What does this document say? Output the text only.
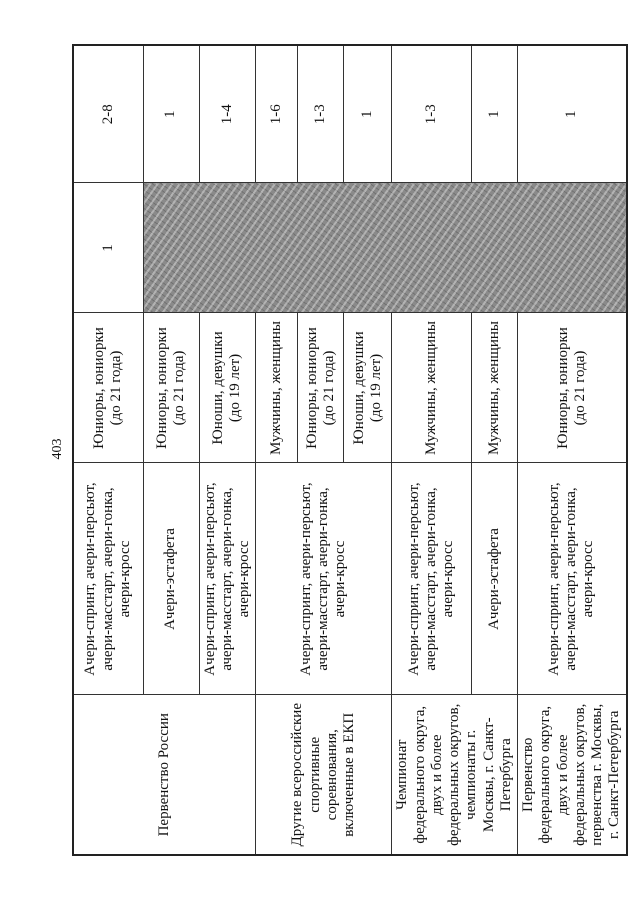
403
Первенство России	Ачери-спринт, ачери-персьют, ачери-масстарт, ачери-гонка, ачери-кросс	Юниоры, юниорки (до 21 года)	1	2-8
	Ачери-эстафета	Юниоры, юниорки (до 21 года)		1
	Ачери-спринт, ачери-персьют, ачери-масстарт, ачери-гонка, ачери-кросс	Юноши, девушки (до 19 лет)		1-4
Другие всероссийские спортивные соревнования, включенные в ЕКП	Ачери-спринт, ачери-персьют, ачери-масстарт, ачери-гонка, ачери-кросс	Мужчины, женщины		1-6
		Юниоры, юниорки (до 21 года)		1-3
		Юноши, девушки (до 19 лет)		1
Чемпионат федерального округа, двух и более федеральных округов, чемпионаты г. Москвы, г. Санкт-Петербурга	Ачери-спринт, ачери-персьют, ачери-масстарт, ачери-гонка, ачери-кросс	Мужчины, женщины		1-3
	Ачери-эстафета	Мужчины, женщины		1
Первенство федерального округа, двух и более федеральных округов, первенства г. Москвы, г. Санкт-Петербурга	Ачери-спринт, ачери-персьют, ачери-масстарт, ачери-гонка, ачери-кросс	Юниоры, юниорки (до 21 года)		1
